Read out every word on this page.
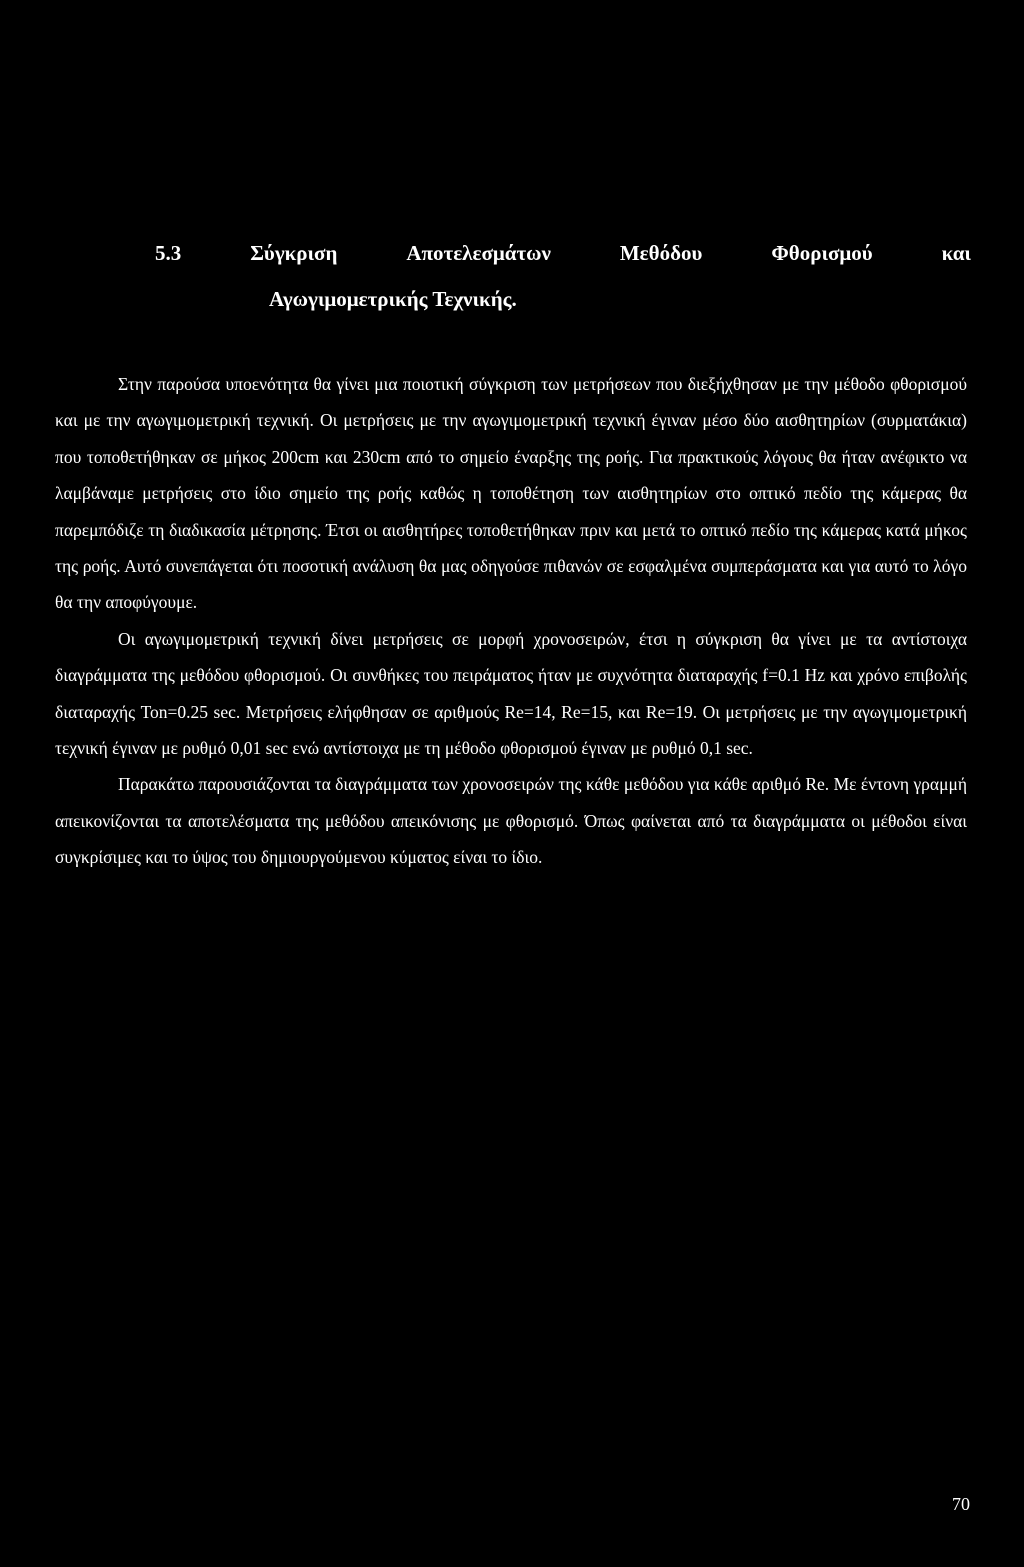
5.3	Σύγκριση	Αποτελεσμάτων	Μεθόδου	Φθορισμού	και
Αγωγιμομετρικής Τεχνικής.

Στην παρούσα υποενότητα θα γίνει μια ποιοτική σύγκριση των μετρήσεων που διεξήχθησαν με την μέθοδο φθορισμού και με την αγωγιμομετρική τεχνική. Οι μετρήσεις με την αγωγιμομετρική τεχνική έγιναν μέσο δύο αισθητηρίων (συρματάκια) που τοποθετήθηκαν σε μήκος 200cm και 230cm από το σημείο έναρξης της ροής. Για πρακτικούς λόγους θα ήταν ανέφικτο να λαμβάναμε μετρήσεις στο ίδιο σημείο της ροής καθώς η τοποθέτηση των αισθητηρίων στο οπτικό πεδίο της κάμερας θα παρεμπόδιζε τη διαδικασία μέτρησης. Έτσι οι αισθητήρες τοποθετήθηκαν πριν και μετά το οπτικό πεδίο της κάμερας κατά μήκος της ροής. Αυτό συνεπάγεται ότι ποσοτική ανάλυση θα μας οδηγούσε πιθανών σε εσφαλμένα συμπεράσματα και για αυτό το λόγο θα την αποφύγουμε.

Οι αγωγιμομετρική τεχνική δίνει μετρήσεις σε μορφή χρονοσειρών, έτσι η σύγκριση θα γίνει με τα αντίστοιχα διαγράμματα της μεθόδου φθορισμού. Οι συνθήκες του πειράματος ήταν με συχνότητα διαταραχής f=0.1 Hz και χρόνο επιβολής διαταραχής Ton=0.25 sec. Μετρήσεις ελήφθησαν σε αριθμούς Re=14, Re=15, και Re=19. Οι μετρήσεις με την αγωγιμομετρική τεχνική έγιναν με ρυθμό 0,01 sec ενώ αντίστοιχα με τη μέθοδο φθορισμού έγιναν με ρυθμό 0,1 sec.

Παρακάτω παρουσιάζονται τα διαγράμματα των χρονοσειρών της κάθε μεθόδου για κάθε αριθμό Re. Με έντονη γραμμή απεικονίζονται τα αποτελέσματα της μεθόδου απεικόνισης με φθορισμό. Όπως φαίνεται από τα διαγράμματα οι μέθοδοι είναι συγκρίσιμες και το ύψος του δημιουργούμενου κύματος είναι το ίδιο.

70
